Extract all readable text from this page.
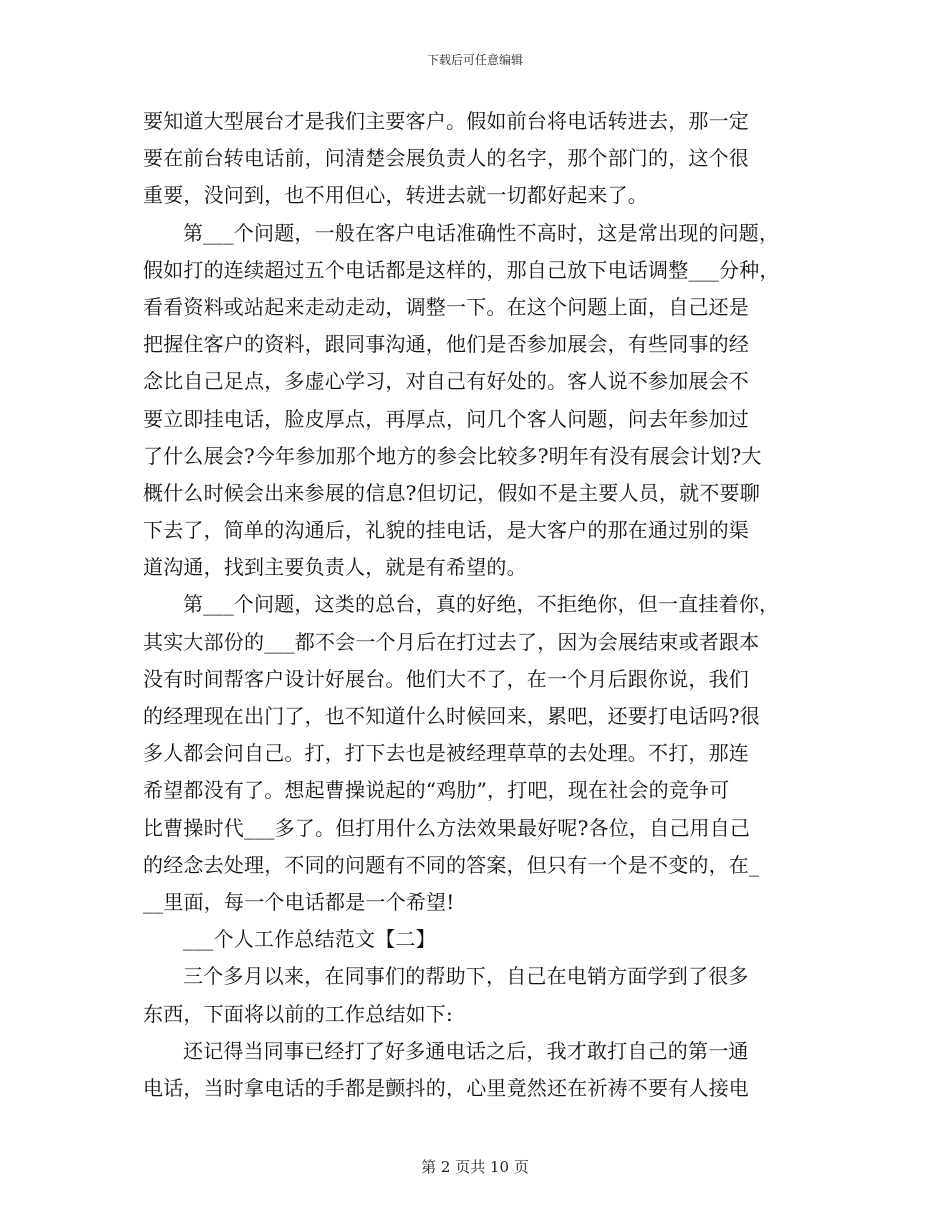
下载后可任意编辑
要知道大型展台才是我们主要客户。假如前台将电话转进去，那一定
要在前台转电话前，问清楚会展负责人的名字，那个部门的，这个很
重要，没问到，也不用但心，转进去就一切都好起来了。
第___个问题，一般在客户电话准确性不高时，这是常出现的问题，
假如打的连续超过五个电话都是这样的，那自己放下电话调整___分种，
看看资料或站起来走动走动，调整一下。在这个问题上面，自己还是
把握住客户的资料，跟同事沟通，他们是否参加展会，有些同事的经
念比自己足点，多虚心学习，对自己有好处的。客人说不参加展会不
要立即挂电话，脸皮厚点，再厚点，问几个客人问题，问去年参加过
了什么展会?今年参加那个地方的参会比较多?明年有没有展会计划?大
概什么时候会出来参展的信息?但切记，假如不是主要人员，就不要聊
下去了，简单的沟通后，礼貌的挂电话，是大客户的那在通过别的渠
道沟通，找到主要负责人，就是有希望的。
第___个问题，这类的总台，真的好绝，不拒绝你，但一直挂着你，
其实大部份的___都不会一个月后在打过去了，因为会展结束或者跟本
没有时间帮客户设计好展台。他们大不了，在一个月后跟你说，我们
的经理现在出门了，也不知道什么时候回来，累吧，还要打电话吗?很
多人都会问自己。打，打下去也是被经理草草的去处理。不打，那连
希望都没有了。想起曹操说起的“鸡肋”，打吧，现在社会的竞争可
比曹操时代___多了。但打用什么方法效果最好呢?各位，自己用自己
的经念去处理，不同的问题有不同的答案，但只有一个是不变的，在_
__里面，每一个电话都是一个希望!
___个人工作总结范文【二】
三个多月以来，在同事们的帮助下，自己在电销方面学到了很多
东西，下面将以前的工作总结如下:
还记得当同事已经打了好多通电话之后，我才敢打自己的第一通
电话，当时拿电话的手都是颤抖的，心里竟然还在祈祷不要有人接电
第 2 页共 10 页
